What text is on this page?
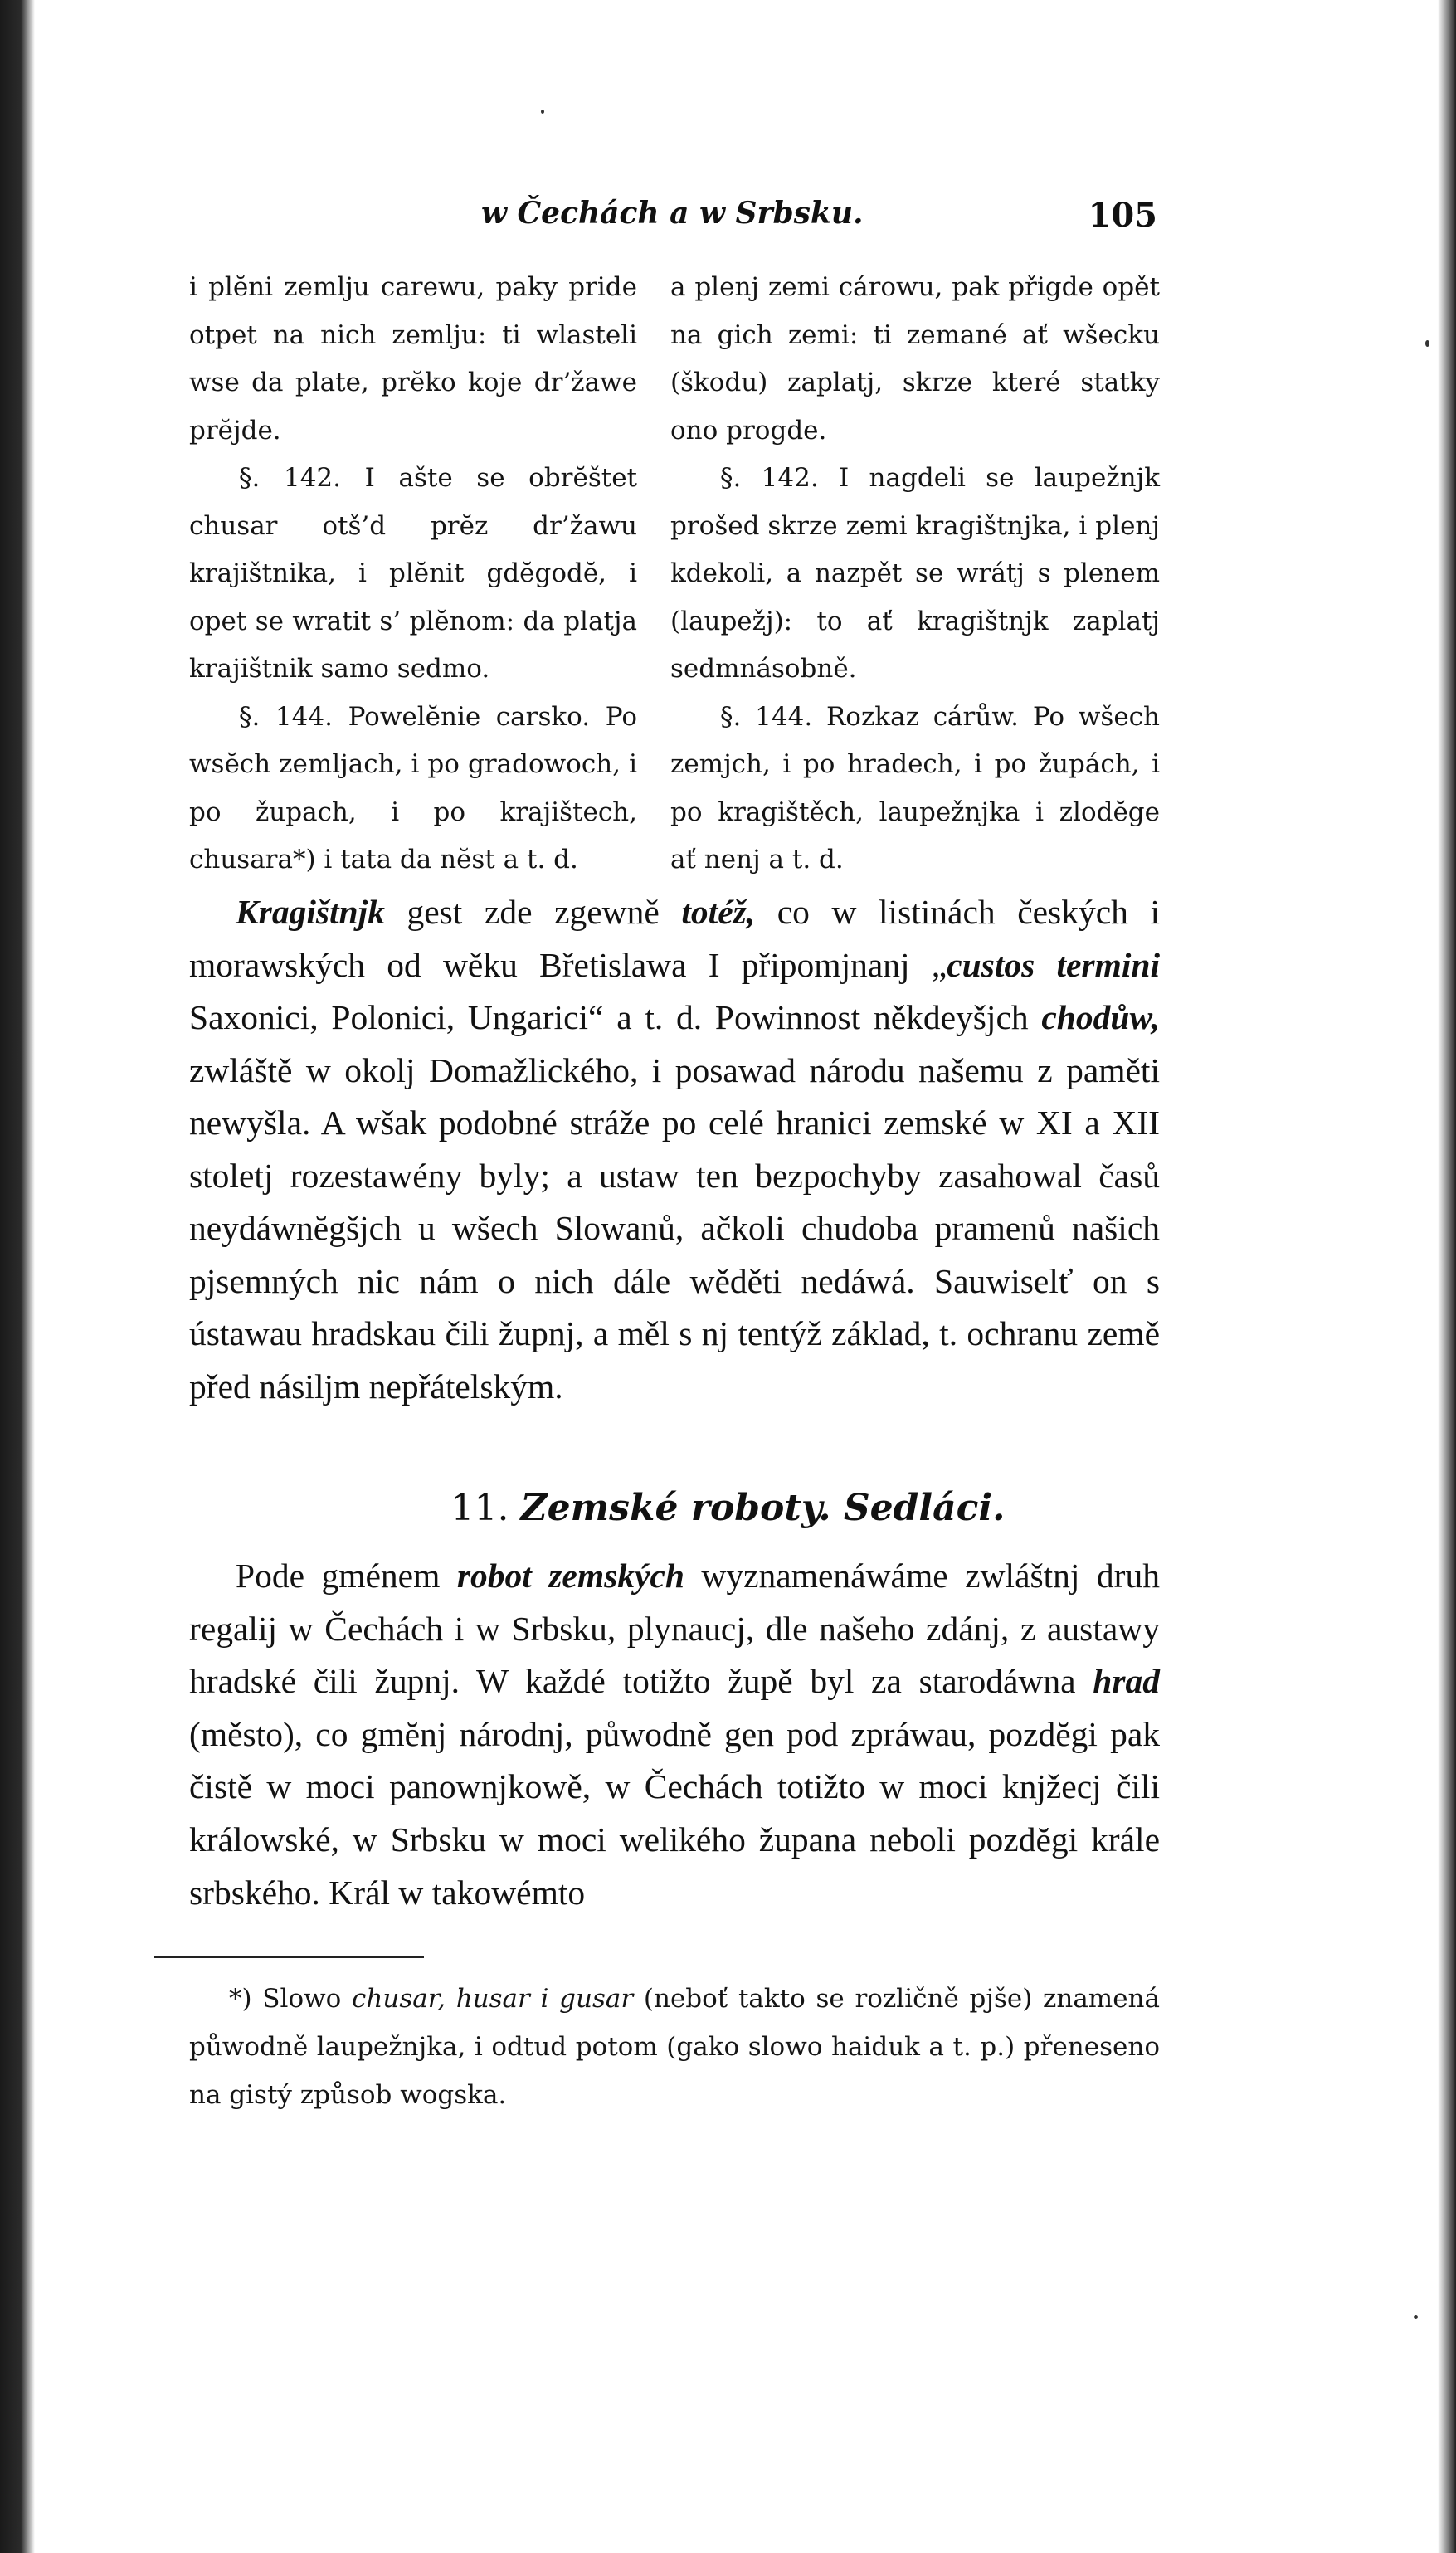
w Čechách a w Srbsku.	105

i plĕni zemlju carewu, paky pride otpet na nich zemlju: ti wlasteli wse da plate, prĕko koje dr’žawe prĕjde.

§. 142. I ašte se obrĕštet chusar otš’d prĕz dr’žawu krajištnika, i plĕnit gdĕgodĕ, i opet se wratit s’ plĕnom: da platja krajištnik samo sedmo.

§. 144. Powelĕnie carsko. Po wsĕch zemljach, i po gradowoch, i po župach, i po krajištech, chusara*) i tata da nĕst a t. d.

a plenj zemi cárowu, pak přigde opět na gich zemi: ti zemané ať wšecku (škodu) zaplatj, skrze které statky ono progde.

§. 142. I nagdeli se laupežnjk prošed skrze zemi kragištnjka, i plenj kdekoli, a nazpět se wrátj s plenem (laupežj): to ať kragištnjk zaplatj sedmnásobně.

§. 144. Rozkaz cárůw. Po wšech zemjch, i po hradech, i po župách, i po kragištěch, laupežnjka i zlodĕge ať nenj a t. d.

Kragištnjk gest zde zgewně totéž, co w listinách českých i morawských od wěku Břetislawa I připomjnanj „custos termini Saxonici, Polonici, Ungarici“ a t. d. Powinnost někdeyšjch chodůw, zwláště w okolj Domažlického, i posawad národu našemu z paměti newyšla. A wšak podobné stráže po celé hranici zemské w XI a XII stoletj rozestawény byly; a ustaw ten bezpochyby zasahowal časů neydáwnĕgšjch u wšech Slowanů, ačkoli chudoba pramenů našich pjsemných nic nám o nich dále wěděti nedáwá. Sauwiselť on s ústawau hradskau čili župnj, a měl s nj tentýž základ, t. ochranu země před násiljm nepřátelským.

11. Zemské roboty. Sedláci.

Pode gménem robot zemských wyznamenáwáme zwláštnj druh regalij w Čechách i w Srbsku, plynaucj, dle našeho zdánj, z austawy hradské čili župnj. W každé totižto župě byl za starodáwna hrad (město), co gmĕnj národnj, půwodně gen pod zpráwau, pozdĕgi pak čistě w moci panownjkowě, w Čechách totižto w moci knjžecj čili králowské, w Srbsku w moci welikého župana neboli pozdĕgi krále srbského. Král w takowémto

*) Slowo chusar, husar i gusar (neboť takto se rozličně pjše) znamená půwodně laupežnjka, i odtud potom (gako slowo haiduk a t. p.) přeneseno na gistý způsob wogska.
